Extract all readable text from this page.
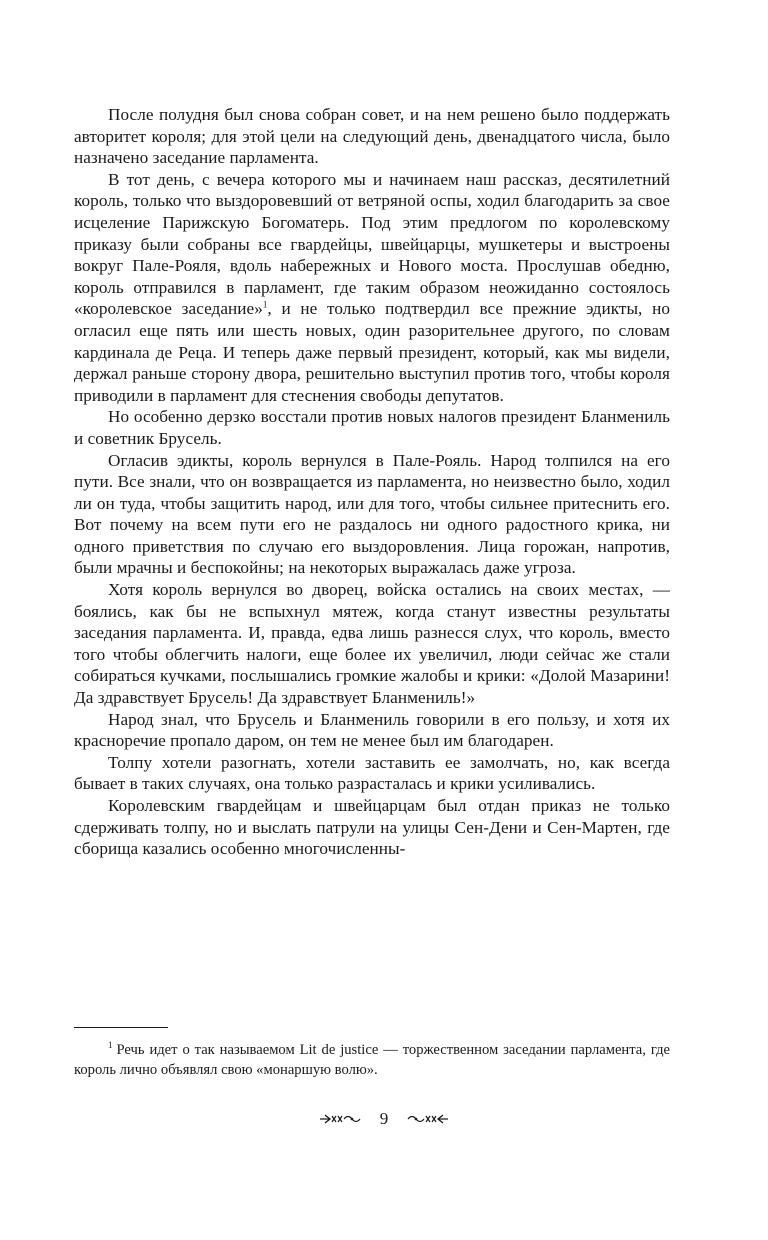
После полудня был снова собран совет, и на нем решено было поддержать авторитет короля; для этой цели на следующий день, двенадцатого числа, было назначено заседание парламента.

В тот день, с вечера которого мы и начинаем наш рассказ, десятилетний король, только что выздоровевший от ветряной оспы, ходил благодарить за свое исцеление Парижскую Богоматерь. Под этим предлогом по королевскому приказу были собраны все гвардейцы, швейцарцы, мушкетеры и выстроены вокруг Пале-Рояля, вдоль набережных и Нового моста. Прослушав обедню, король отправился в парламент, где таким образом неожиданно состоялось «королевское заседание»$^1$, и не только подтвердил все прежние эдикты, но огласил еще пять или шесть новых, один разорительнее другого, по словам кардинала де Реца. И теперь даже первый президент, который, как мы видели, держал раньше сторону двора, решительно выступил против того, чтобы короля приводили в парламент для стеснения свободы депутатов.

Но особенно дерзко восстали против новых налогов президент Бланмениль и советник Брусель.

Огласив эдикты, король вернулся в Пале-Рояль. Народ толпился на его пути. Все знали, что он возвращается из парламента, но неизвестно было, ходил ли он туда, чтобы защитить народ, или для того, чтобы сильнее притеснить его. Вот почему на всем пути его не раздалось ни одного радостного крика, ни одного приветствия по случаю его выздоровления. Лица горожан, напротив, были мрачны и беспокойны; на некоторых выражалась даже угроза.

Хотя король вернулся во дворец, войска остались на своих местах, — боялись, как бы не вспыхнул мятеж, когда станут известны результаты заседания парламента. И, правда, едва лишь разнесся слух, что король, вместо того чтобы облегчить налоги, еще более их увеличил, люди сейчас же стали собираться кучками, послышались громкие жалобы и крики: «Долой Мазарини! Да здравствует Брусель! Да здравствует Бланмениль!»

Народ знал, что Брусель и Бланмениль говорили в его пользу, и хотя их красноречие пропало даром, он тем не менее был им благодарен.

Толпу хотели разогнать, хотели заставить ее замолчать, но, как всегда бывает в таких случаях, она только разрасталась и крики усиливались.

Королевским гвардейцам и швейцарцам был отдан приказ не только сдерживать толпу, но и выслать патрули на улицы Сен-Дени и Сен-Мартен, где сборища казались особенно многочисленны-

$^1$ Речь идет о так называемом Lit de justice — торжественном заседании парламента, где король лично объявлял свою «монаршую волю».

9
